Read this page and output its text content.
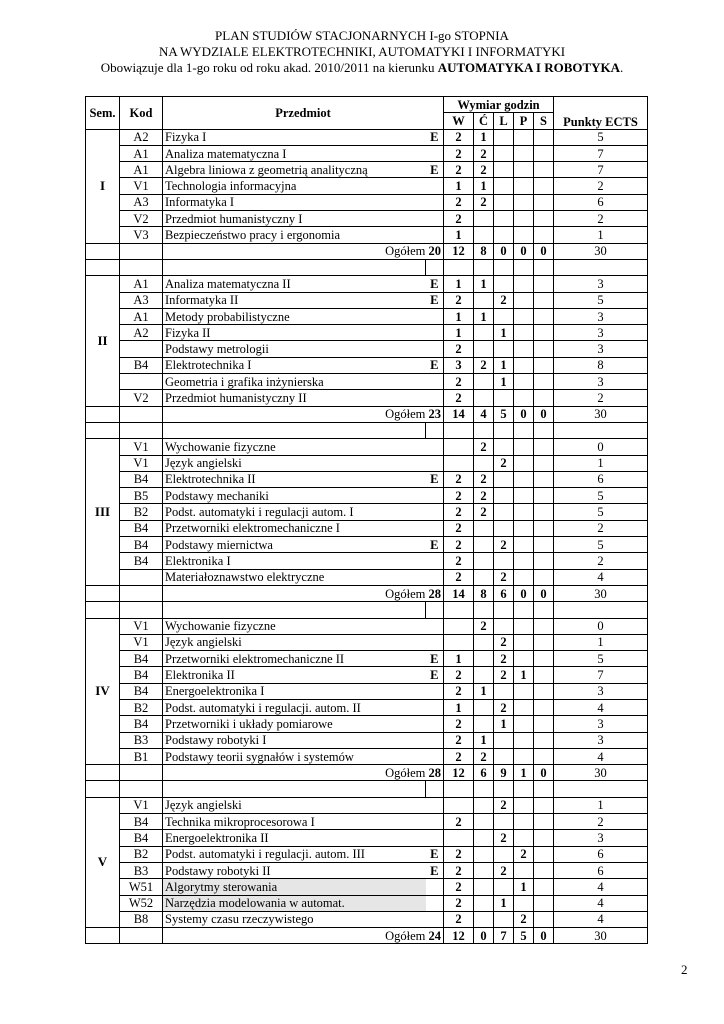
PLAN STUDIÓW STACJONARNYCH I-go STOPNIA
NA WYDZIALE ELEKTROTECHNIKI, AUTOMATYKI I INFORMATYKI
Obowiązuje dla 1-go roku od roku akad. 2010/2011 na kierunku AUTOMATYKA I ROBOTYKA.
Sem.	Kod	Przedmiot		Wymiar godzin					Punkty ECTS
				W	Ć	L	P	S	
I	A2	Fizyka I	E	2	1				5
	A1	Analiza matematyczna I		2	2				7
	A1	Algebra liniowa z geometrią analityczną	E	2	2				7
	V1	Technologia informacyjna		1	1				2
	A3	Informatyka I		2	2				6
	V2	Przedmiot humanistyczny I		2					2
	V3	Bezpieczeństwo pracy i ergonomia		1					1
		Ogółem 20		12	8	0	0	0	30

II	A1	Analiza matematyczna II	E	1	1				3
	A3	Informatyka II	E	2		2			5
	A1	Metody probabilistyczne		1	1				3
	A2	Fizyka II		1		1			3
		Podstawy metrologii		2					3
	B4	Elektrotechnika I	E	3	2	1			8
		Geometria i grafika inżynierska		2		1			3
	V2	Przedmiot humanistyczny II		2					2
		Ogółem 23		14	4	5	0	0	30

III	V1	Wychowanie fizyczne			2				0
	V1	Język angielski				2			1
	B4	Elektrotechnika II	E	2	2				6
	B5	Podstawy mechaniki		2	2				5
	B2	Podst. automatyki i regulacji autom. I		2	2				5
	B4	Przetworniki elektromechaniczne I		2					2
	B4	Podstawy miernictwa	E	2		2			5
	B4	Elektronika I		2					2
		Materiałoznawstwo elektryczne		2		2			4
		Ogółem 28		14	8	6	0	0	30

IV	V1	Wychowanie fizyczne			2				0
	V1	Język angielski				2			1
	B4	Przetworniki elektromechaniczne II	E	1		2			5
	B4	Elektronika II	E	2		2	1		7
	B4	Energoelektronika I		2	1				3
	B2	Podst. automatyki i regulacji. autom. II		1		2			4
	B4	Przetworniki i układy pomiarowe		2		1			3
	B3	Podstawy robotyki I		2	1				3
	B1	Podstawy teorii sygnałów i systemów		2	2				4
		Ogółem 28		12	6	9	1	0	30

V	V1	Język angielski				2			1
	B4	Technika mikroprocesorowa I		2					2
	B4	Energoelektronika II				2			3
	B2	Podst. automatyki i regulacji. autom. III	E	2			2		6
	B3	Podstawy robotyki II	E	2		2			6
	W51	Algorytmy sterowania		2			1		4
	W52	Narzędzia modelowania w automat.		2		1			4
	B8	Systemy czasu rzeczywistego		2			2		4
		Ogółem 24		12	0	7	5	0	30
2
